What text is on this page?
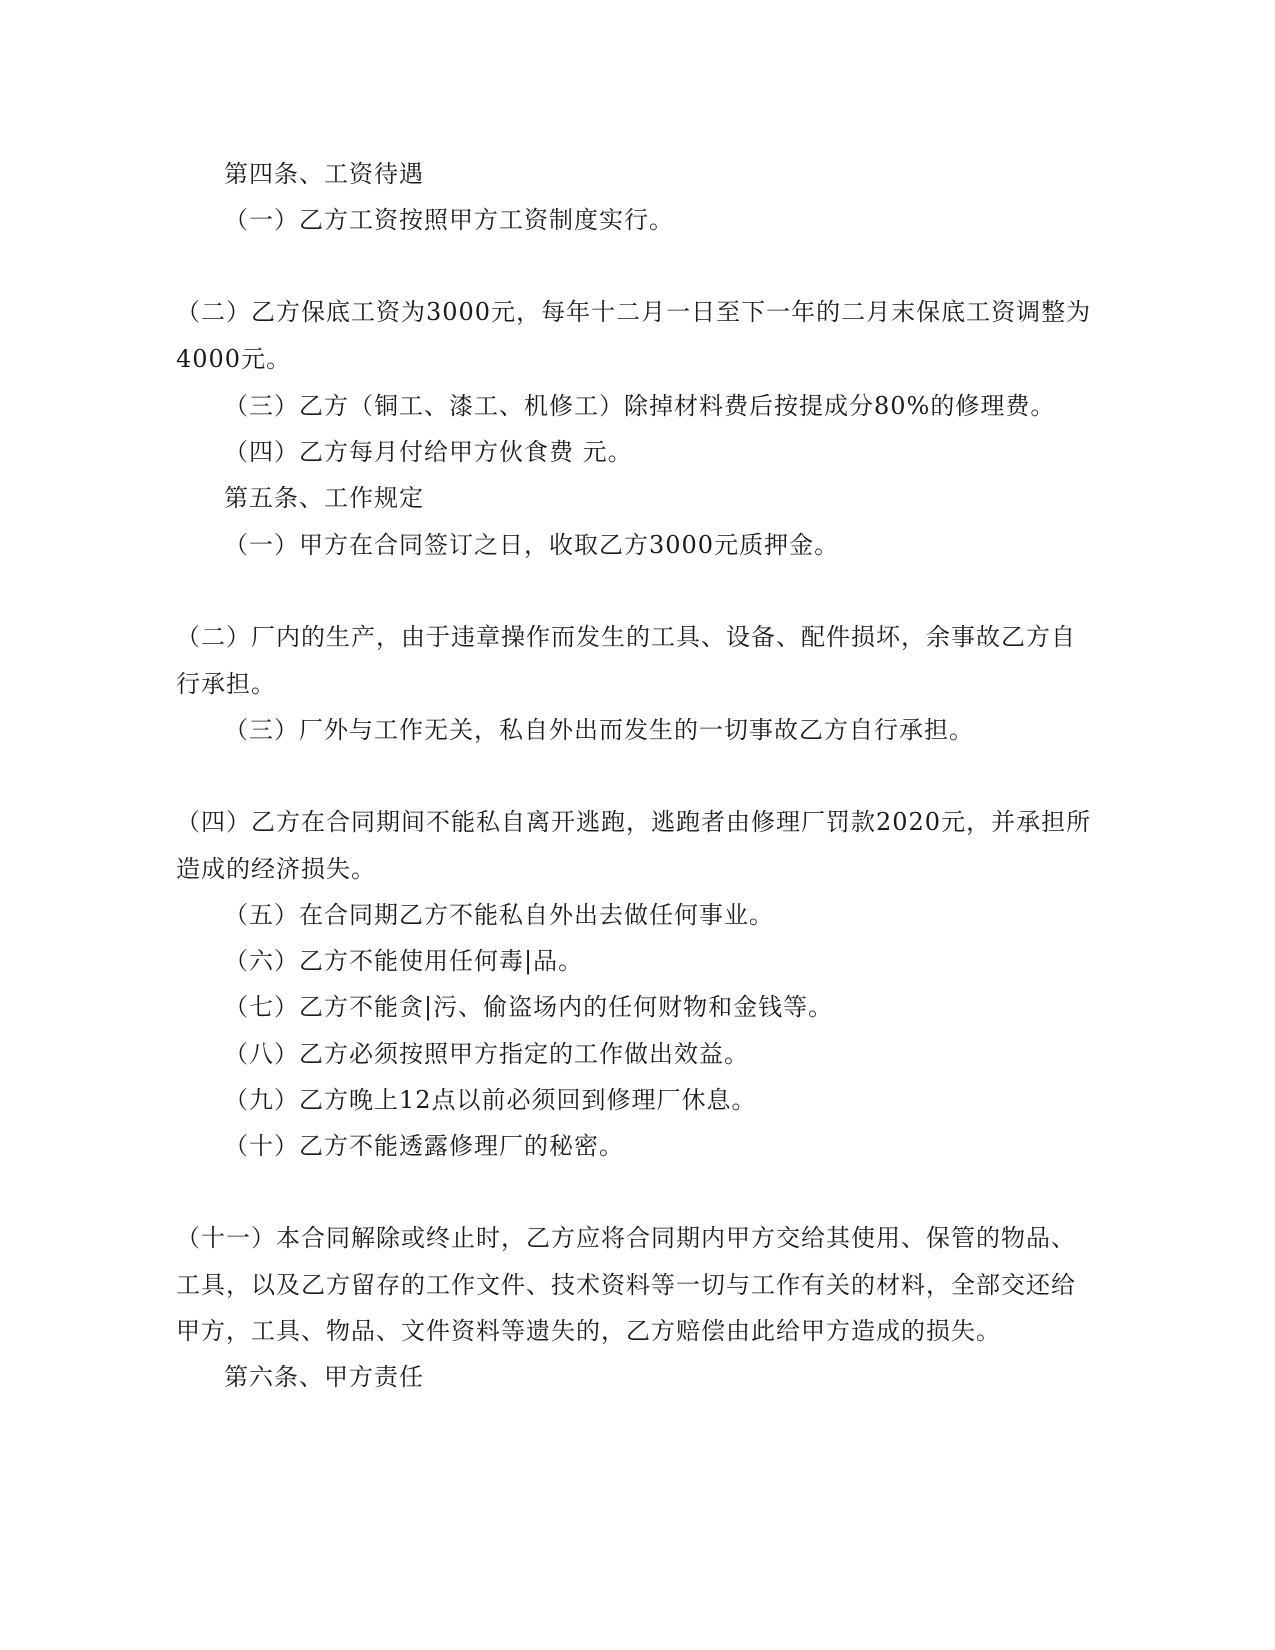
第四条、工资待遇
（一）乙方工资按照甲方工资制度实行。
（二）乙方保底工资为3000元，每年十二月一日至下一年的二月末保底工资调整为
4000元。
（三）乙方（铜工、漆工、机修工）除掉材料费后按提成分80%的修理费。
（四）乙方每月付给甲方伙食费 元。
第五条、工作规定
（一）甲方在合同签订之日，收取乙方3000元质押金。
（二）厂内的生产，由于违章操作而发生的工具、设备、配件损坏，余事故乙方自
行承担。
（三）厂外与工作无关，私自外出而发生的一切事故乙方自行承担。
（四）乙方在合同期间不能私自离开逃跑，逃跑者由修理厂罚款2020元，并承担所
造成的经济损失。
（五）在合同期乙方不能私自外出去做任何事业。
（六）乙方不能使用任何毒|品。
（七）乙方不能贪|污、偷盗场内的任何财物和金钱等。
（八）乙方必须按照甲方指定的工作做出效益。
（九）乙方晚上12点以前必须回到修理厂休息。
（十）乙方不能透露修理厂的秘密。
（十一）本合同解除或终止时，乙方应将合同期内甲方交给其使用、保管的物品、
工具，以及乙方留存的工作文件、技术资料等一切与工作有关的材料，全部交还给
甲方，工具、物品、文件资料等遗失的，乙方赔偿由此给甲方造成的损失。
第六条、甲方责任
